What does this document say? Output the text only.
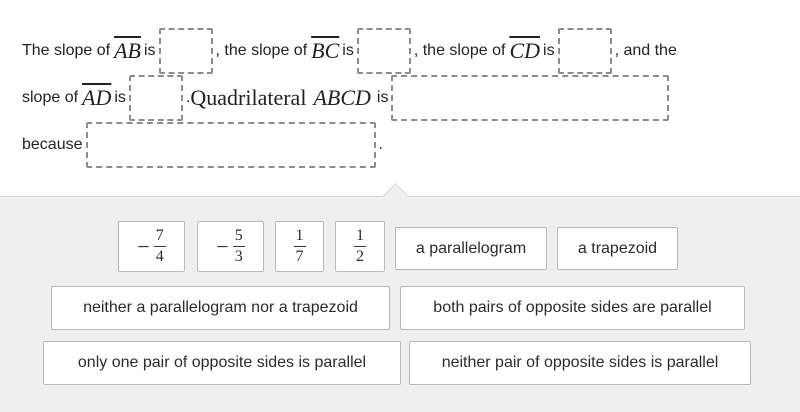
The slope of $\overline{AB}$ is	, the slope of $\overline{BC}$ is	, the slope of $\overline{CD}$ is	, and the
slope of $\overline{AD}$ is	. Quadrilateral ABCD is
because	.
− $\frac{7}{4} - \frac{5}{3}$	$\frac{1}{7}$	$\frac{1}{2}$	a parallelogram	a trapezoid
neither a parallelogram nor a trapezoid	both pairs of opposite sides are parallel
only one pair of opposite sides is parallel	neither pair of opposite sides is parallel
